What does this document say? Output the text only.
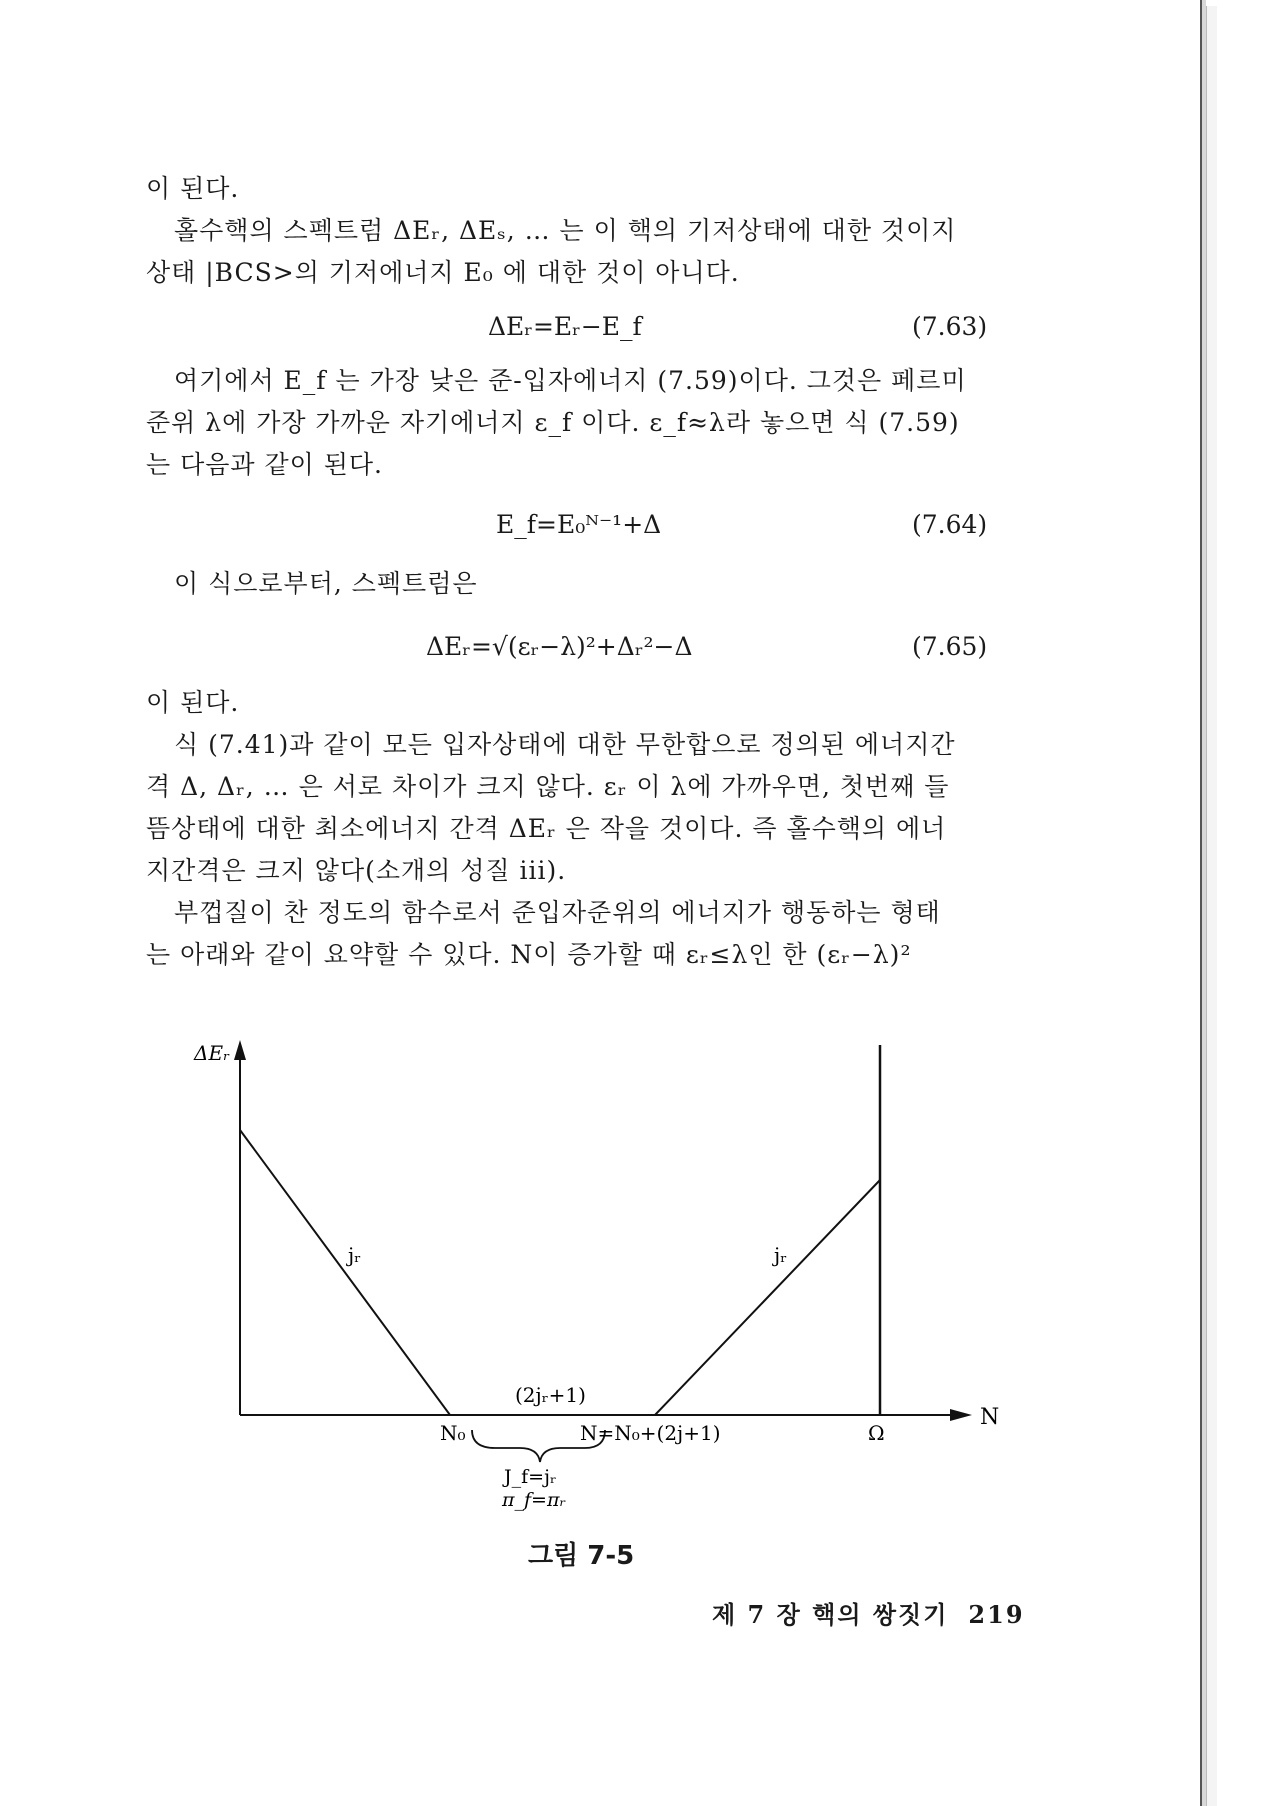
이 된다.

홀수핵의 스펙트럼 ΔEᵣ, ΔEₛ, … 는 이 핵의 기저상태에 대한 것이지

상태 |BCS>의 기저에너지 E₀ 에 대한 것이 아니다.

ΔEᵣ=Eᵣ−E_f	(7.63)

여기에서 E_f 는 가장 낮은 준-입자에너지 (7.59)이다. 그것은 페르미

준위 λ에 가장 가까운 자기에너지 ε_f 이다. ε_f≈λ라 놓으면 식 (7.59)

는 다음과 같이 된다.

E_f=E₀ᴺ⁻¹+Δ	(7.64)

이 식으로부터, 스펙트럼은

ΔEᵣ=√(εᵣ−λ)²+Δᵣ²−Δ	(7.65)

이 된다.

식 (7.41)과 같이 모든 입자상태에 대한 무한합으로 정의된 에너지간

격 Δ, Δᵣ, … 은 서로 차이가 크지 않다. εᵣ 이 λ에 가까우면, 첫번째 들

뜸상태에 대한 최소에너지 간격 ΔEᵣ 은 작을 것이다. 즉 홀수핵의 에너

지간격은 크지 않다(소개의 성질 iii).

부껍질이 찬 정도의 함수로서 준입자준위의 에너지가 행동하는 형태

는 아래와 같이 요약할 수 있다. N이 증가할 때 εᵣ≤λ인 한 (εᵣ−λ)²

ΔEᵣ
N
jᵣ	jᵣ
(2jᵣ+1)
N₀	N=N₀+(2j+1)	Ω
J_f=jᵣ
π_f=πᵣ
그림 7-5
제 7 장 핵의 쌍짓기 219
